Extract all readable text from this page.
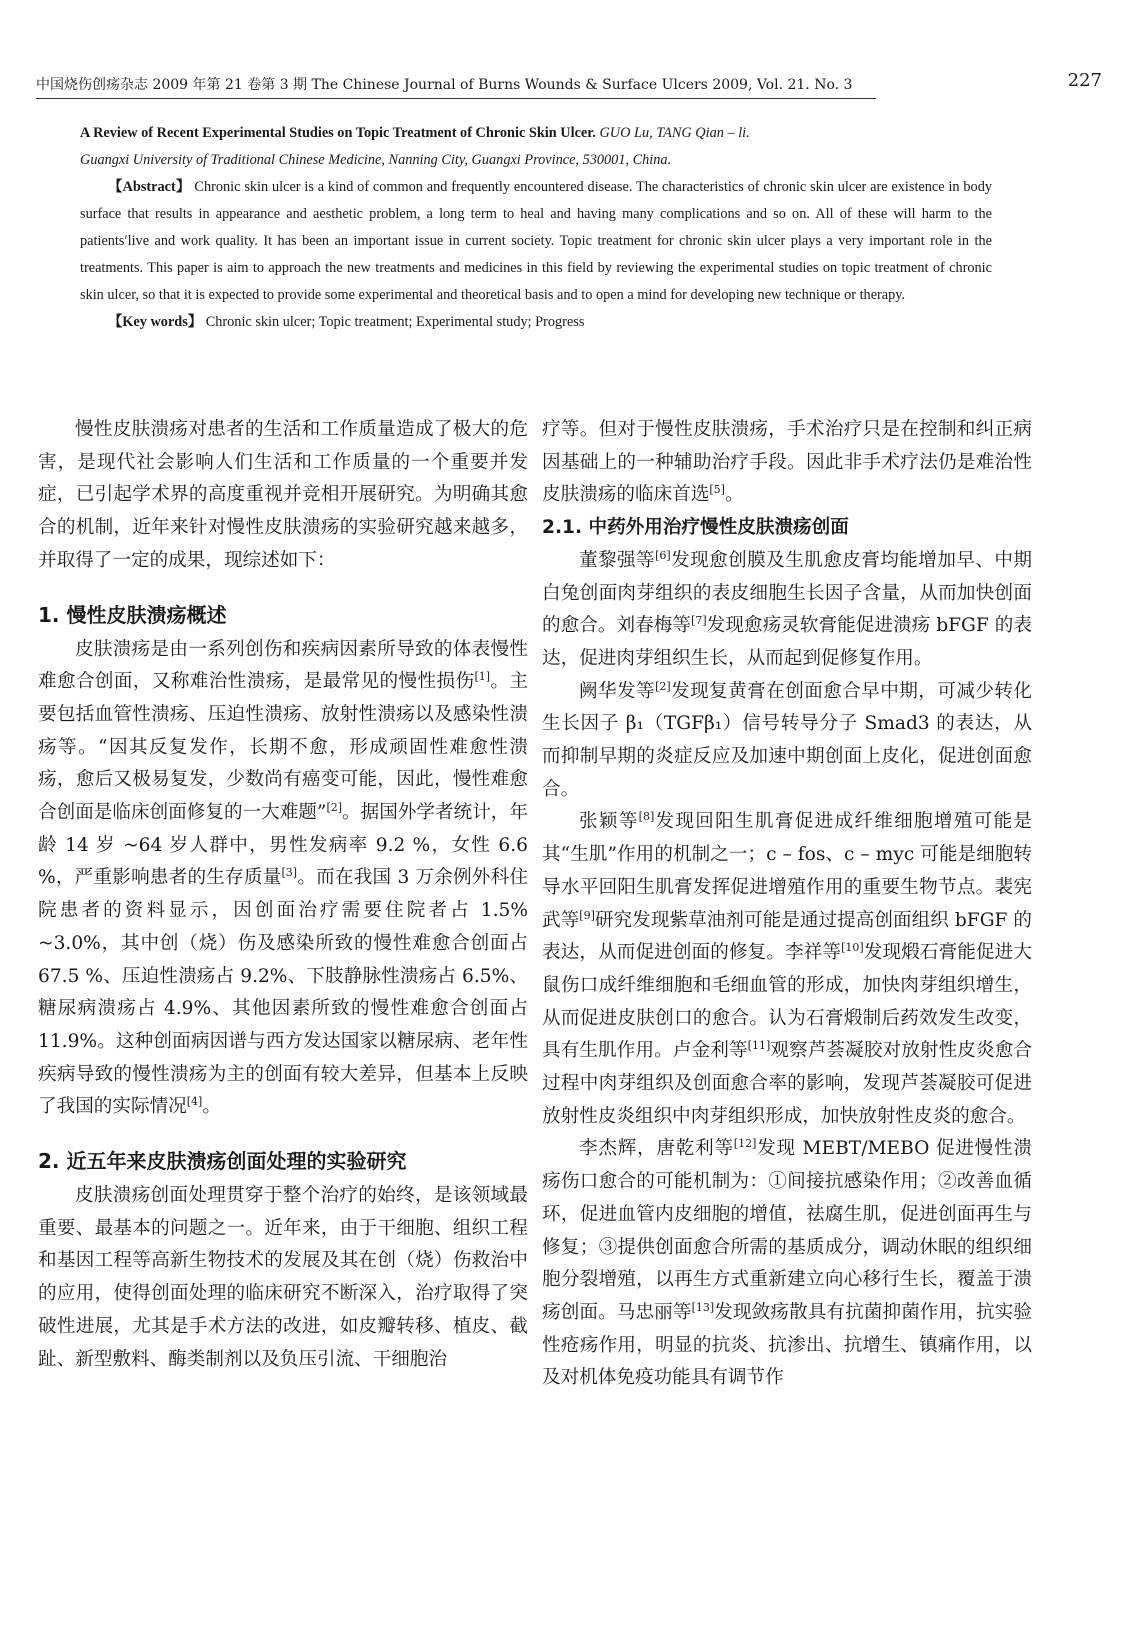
中国烧伤创疡杂志 2009 年第 21 卷第 3 期 The Chinese Journal of Burns Wounds & Surface Ulcers 2009, Vol. 21. No. 3	227
A Review of Recent Experimental Studies on Topic Treatment of Chronic Skin Ulcer. GUO Lu, TANG Qian – li.
Guangxi University of Traditional Chinese Medicine, Nanning City, Guangxi Province, 530001, China.

【Abstract】 Chronic skin ulcer is a kind of common and frequently encountered disease. The characteristics of chronic skin ulcer are existence in body surface that results in appearance and aesthetic problem, a long term to heal and having many complications and so on. All of these will harm to the patients′live and work quality. It has been an important issue in current society. Topic treatment for chronic skin ulcer plays a very important role in the treatments. This paper is aim to approach the new treatments and medicines in this field by reviewing the experimental studies on topic treatment of chronic skin ulcer, so that it is expected to provide some experimental and theoretical basis and to open a mind for developing new technique or therapy.

【Key words】 Chronic skin ulcer; Topic treatment; Experimental study; Progress

慢性皮肤溃疡对患者的生活和工作质量造成了极大的危害，是现代社会影响人们生活和工作质量的一个重要并发症，已引起学术界的高度重视并竞相开展研究。为明确其愈合的机制，近年来针对慢性皮肤溃疡的实验研究越来越多，并取得了一定的成果，现综述如下：

1. 慢性皮肤溃疡概述

皮肤溃疡是由一系列创伤和疾病因素所导致的体表慢性难愈合创面，又称难治性溃疡，是最常见的慢性损伤[1]。主要包括血管性溃疡、压迫性溃疡、放射性溃疡以及感染性溃疡等。“因其反复发作，长期不愈，形成顽固性难愈性溃疡，愈后又极易复发，少数尚有癌变可能，因此，慢性难愈合创面是临床创面修复的一大难题”[2]。据国外学者统计，年龄 14 岁 ~64 岁人群中，男性发病率 9.2 %，女性 6.6 %，严重影响患者的生存质量[3]。而在我国 3 万余例外科住院患者的资料显示，因创面治疗需要住院者占 1.5% ~3.0%，其中创（烧）伤及感染所致的慢性难愈合创面占 67.5 %、压迫性溃疡占 9.2%、下肢静脉性溃疡占 6.5%、糖尿病溃疡占 4.9%、其他因素所致的慢性难愈合创面占 11.9%。这种创面病因谱与西方发达国家以糖尿病、老年性疾病导致的慢性溃疡为主的创面有较大差异，但基本上反映了我国的实际情况[4]。

2. 近五年来皮肤溃疡创面处理的实验研究

皮肤溃疡创面处理贯穿于整个治疗的始终，是该领域最重要、最基本的问题之一。近年来，由于干细胞、组织工程和基因工程等高新生物技术的发展及其在创（烧）伤救治中的应用，使得创面处理的临床研究不断深入，治疗取得了突破性进展，尤其是手术方法的改进，如皮瓣转移、植皮、截趾、新型敷料、酶类制剂以及负压引流、干细胞治

疗等。但对于慢性皮肤溃疡，手术治疗只是在控制和纠正病因基础上的一种辅助治疗手段。因此非手术疗法仍是难治性皮肤溃疡的临床首选[5]。

2.1. 中药外用治疗慢性皮肤溃疡创面

董黎强等[6]发现愈创膜及生肌愈皮膏均能增加早、中期白兔创面肉芽组织的表皮细胞生长因子含量，从而加快创面的愈合。刘春梅等[7]发现愈疡灵软膏能促进溃疡 bFGF 的表达，促进肉芽组织生长，从而起到促修复作用。

阙华发等[2]发现复黄膏在创面愈合早中期，可减少转化生长因子 β₁（TGFβ₁）信号转导分子 Smad3 的表达，从而抑制早期的炎症反应及加速中期创面上皮化，促进创面愈合。

张颖等[8]发现回阳生肌膏促进成纤维细胞增殖可能是其“生肌”作用的机制之一；c – fos、c – myc 可能是细胞转导水平回阳生肌膏发挥促进增殖作用的重要生物节点。裴宪武等[9]研究发现紫草油剂可能是通过提高创面组织 bFGF 的表达，从而促进创面的修复。李祥等[10]发现煅石膏能促进大鼠伤口成纤维细胞和毛细血管的形成，加快肉芽组织增生，从而促进皮肤创口的愈合。认为石膏煅制后药效发生改变，具有生肌作用。卢金利等[11]观察芦荟凝胶对放射性皮炎愈合过程中肉芽组织及创面愈合率的影响，发现芦荟凝胶可促进放射性皮炎组织中肉芽组织形成，加快放射性皮炎的愈合。

李杰辉，唐乾利等[12]发现 MEBT/MEBO 促进慢性溃疡伤口愈合的可能机制为：①间接抗感染作用；②改善血循环，促进血管内皮细胞的增值，祛腐生肌，促进创面再生与修复；③提供创面愈合所需的基质成分，调动休眠的组织细胞分裂增殖，以再生方式重新建立向心移行生长，覆盖于溃疡创面。马忠丽等[13]发现敛疡散具有抗菌抑菌作用，抗实验性疮疡作用，明显的抗炎、抗渗出、抗增生、镇痛作用，以及对机体免疫功能具有调节作
